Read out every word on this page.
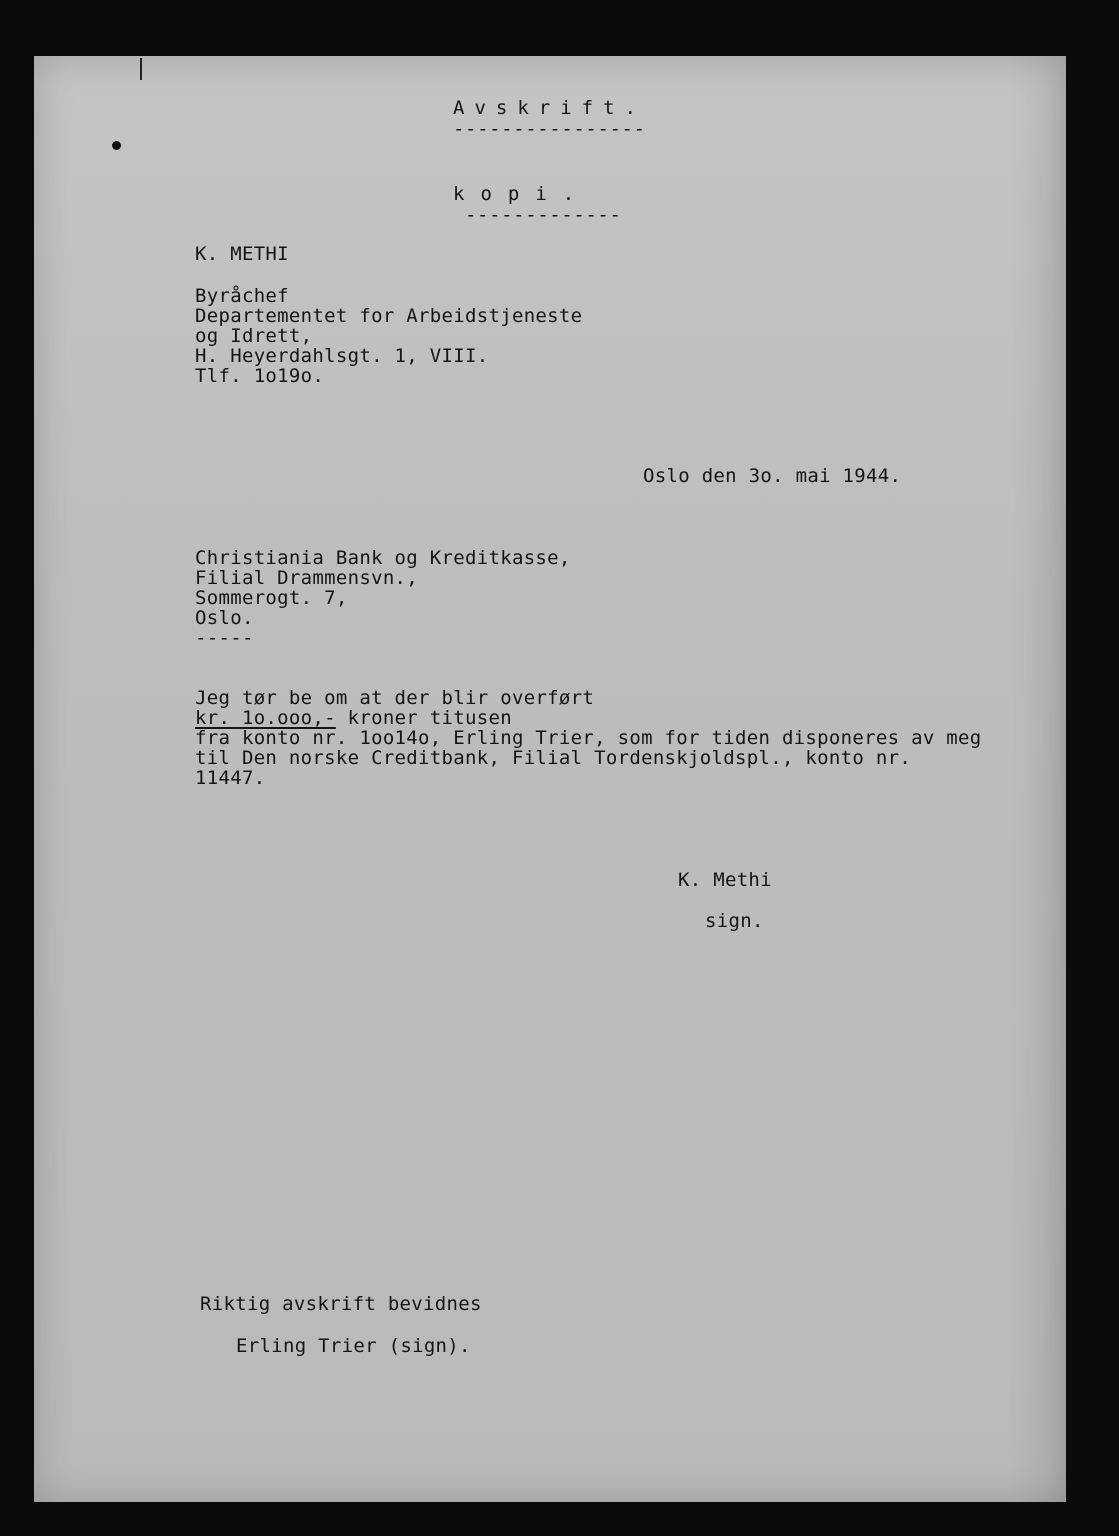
Avskrift.
----------------
kopi.
-------------
K. METHI
Byråchef
Departementet for Arbeidstjeneste
og Idrett,
H. Heyerdahlsgt. 1, VIII.
Tlf. 1o19o.
Oslo den 3o. mai 1944.
Christiania Bank og Kreditkasse,
Filial Drammensvn.,
Sommerogt. 7,
Oslo.
-----
Jeg tør be om at der blir overført
kr. 1o.ooo,- kroner titusen
fra konto nr. 1oo14o, Erling Trier, som for tiden disponeres av meg
til Den norske Creditbank, Filial Tordenskjoldspl., konto nr.
11447.
K. Methi
sign.
Riktig avskrift bevidnes
Erling Trier (sign).
